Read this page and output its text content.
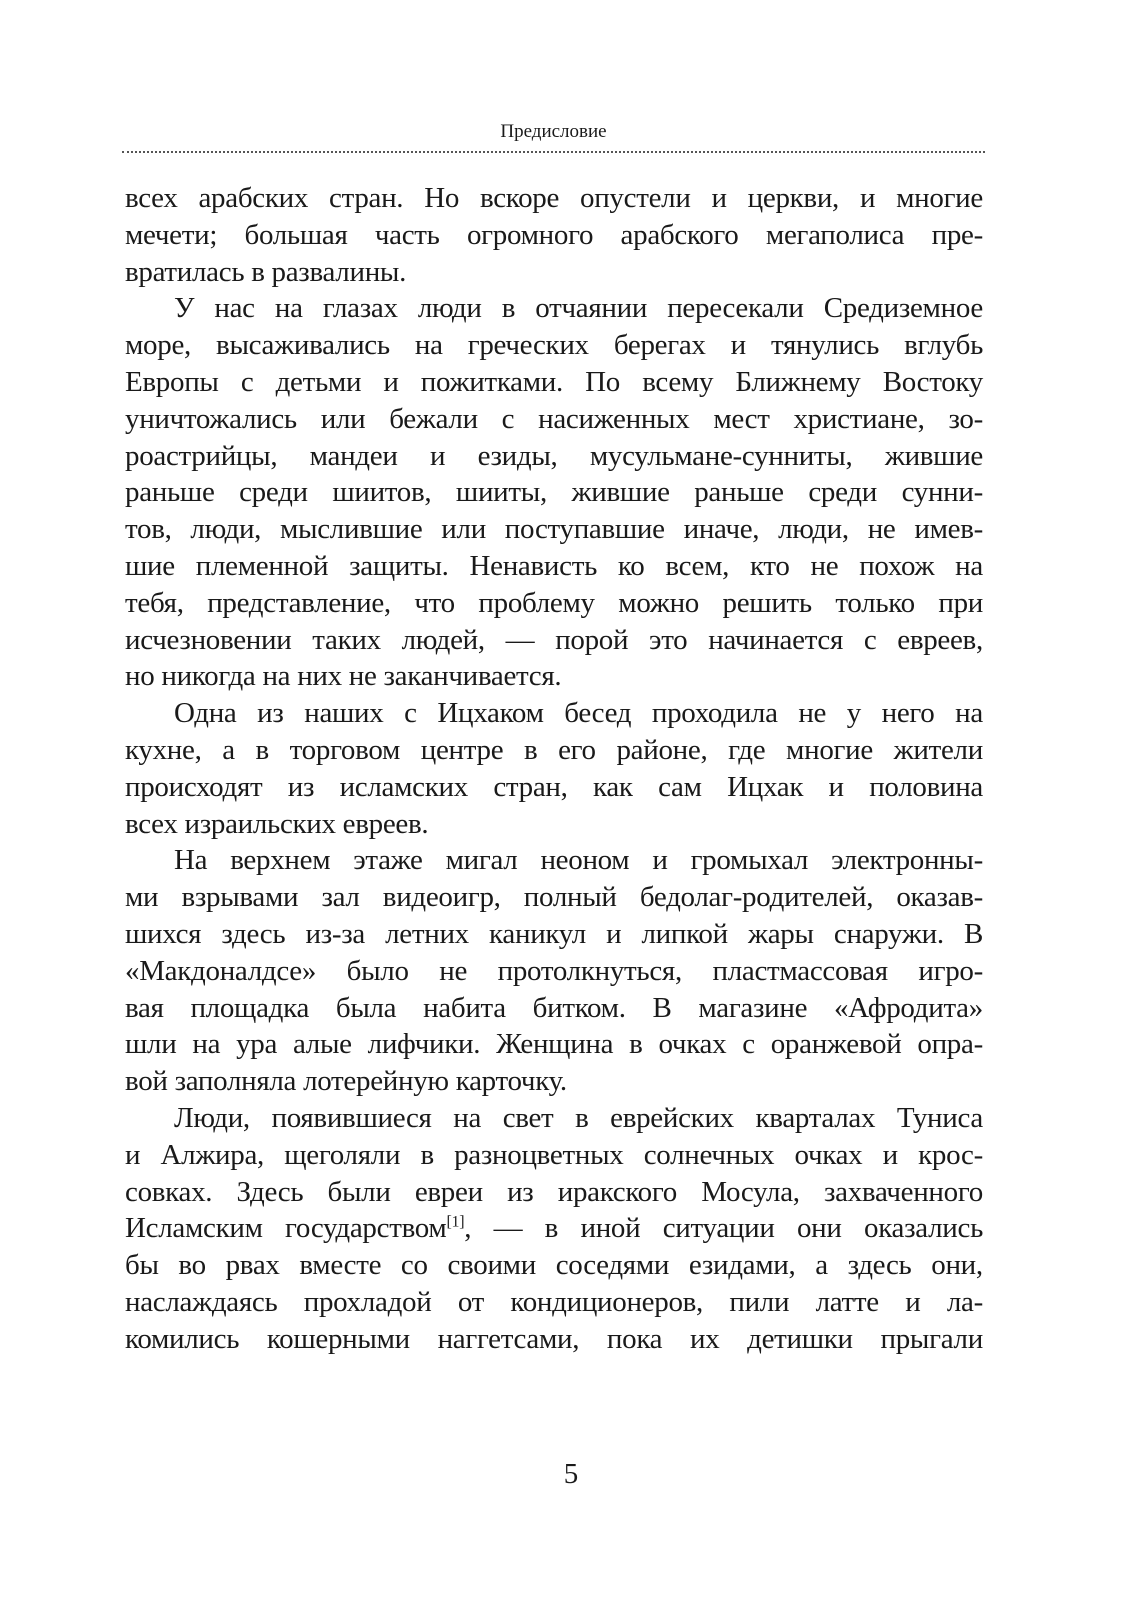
Предисловие
всех арабских стран. Но вскоре опустели и церкви, и многие
мечети; большая часть огромного арабского мегаполиса пре-
вратилась в развалины.
У нас на глазах люди в отчаянии пересекали Средиземное
море, высаживались на греческих берегах и тянулись вглубь
Европы с детьми и пожитками. По всему Ближнему Востоку
уничтожались или бежали с насиженных мест христиане, зо-
роастрийцы, мандеи и езиды, мусульмане-сунниты, жившие
раньше среди шиитов, шииты, жившие раньше среди сунни-
тов, люди, мыслившие или поступавшие иначе, люди, не имев-
шие племенной защиты. Ненависть ко всем, кто не похож на
тебя, представление, что проблему можно решить только при
исчезновении таких людей, — порой это начинается с евреев,
но никогда на них не заканчивается.
Одна из наших с Ицхаком бесед проходила не у него на
кухне, а в торговом центре в его районе, где многие жители
происходят из исламских стран, как сам Ицхак и половина
всех израильских евреев.
На верхнем этаже мигал неоном и громыхал электронны-
ми взрывами зал видеоигр, полный бедолаг-родителей, оказав-
шихся здесь из-за летних каникул и липкой жары снаружи. В
«Макдоналдсе» было не протолкнуться, пластмассовая игро-
вая площадка была набита битком. В магазине «Афродита»
шли на ура алые лифчики. Женщина в очках с оранжевой опра-
вой заполняла лотерейную карточку.
Люди, появившиеся на свет в еврейских кварталах Туниса
и Алжира, щеголяли в разноцветных солнечных очках и крос-
совках. Здесь были евреи из иракского Мосула, захваченного
Исламским государством[1], — в иной ситуации они оказались
бы во рвах вместе со своими соседями езидами, а здесь они,
наслаждаясь прохладой от кондиционеров, пили латте и ла-
комились кошерными наггетсами, пока их детишки прыгали
5
